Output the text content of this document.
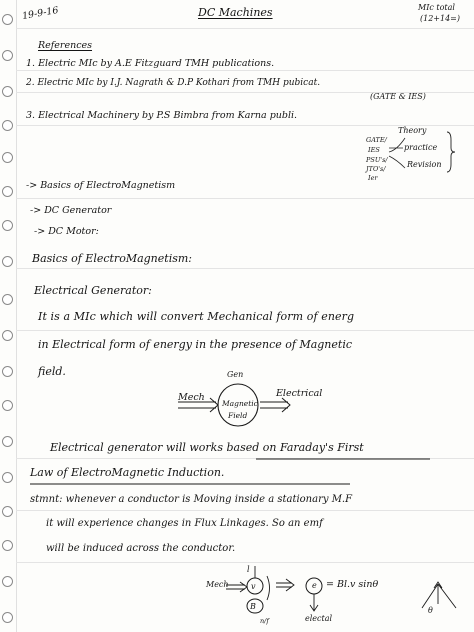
19-9-16	DC Machines	MIc total
(12+14=)
References
1. Electric MIc by A.E Fitzguard TMH publications.
2. Electric MIc by I.J. Nagrath & D.P Kothari from TMH pubicat.
(GATE & IES)
3. Electrical Machinery by P.S Bimbra from Karna publi.
GATE/
IES
PSU's/
JTO's/
Ier
Theory
practice
Revision
-> Basics of ElectroMagnetism
-> DC Generator
-> DC Motor:
Basics of ElectroMagnetism:
Electrical Generator:
It is a MIc which will convert Mechanical form of energ
in Electrical form of energy in the presence of Magnetic
field.	Gen
Mech
Magnetic
Field
Electrical
Electrical generator will works based on Faraday's First
Law of ElectroMagnetic Induction.
stmnt: whenever a conductor is Moving inside a stationary M.F
it will experience changes in Flux Linkages. So an emf
will be induced across the conductor.
Mech
l
v
B
n/f
e = Bl.v sinθ
electal
θ
